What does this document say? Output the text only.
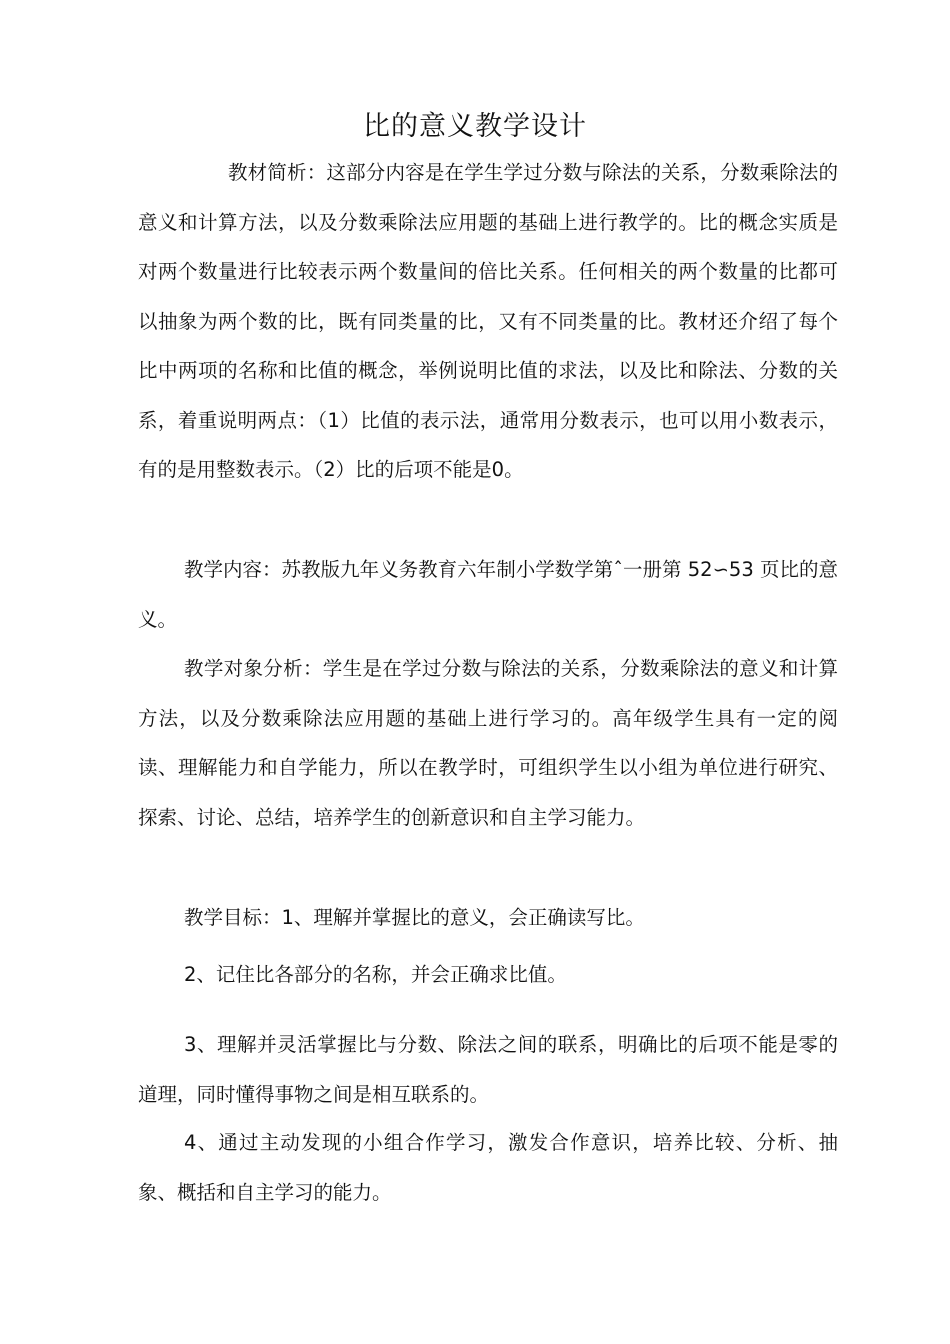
比的意义教学设计

教材简析：这部分内容是在学生学过分数与除法的关系，分数乘除法的意义和计算方法，以及分数乘除法应用题的基础上进行教学的。比的概念实质是对两个数量进行比较表示两个数量间的倍比关系。任何相关的两个数量的比都可以抽象为两个数的比，既有同类量的比，又有不同类量的比。教材还介绍了每个比中两项的名称和比值的概念，举例说明比值的求法，以及比和除法、分数的关系，着重说明两点：（1）比值的表示法，通常用分数表示，也可以用小数表示，有的是用整数表示。（2）比的后项不能是0。

教学内容：苏教版九年义务教育六年制小学数学第ˆ一册第 52∽53 页比的意义。

教学对象分析：学生是在学过分数与除法的关系，分数乘除法的意义和计算方法，以及分数乘除法应用题的基础上进行学习的。高年级学生具有一定的阅读、理解能力和自学能力，所以在教学时，可组织学生以小组为单位进行研究、探索、讨论、总结，培养学生的创新意识和自主学习能力。

教学目标：1、理解并掌握比的意义，会正确读写比。

2、记住比各部分的名称，并会正确求比值。

3、理解并灵活掌握比与分数、除法之间的联系，明确比的后项不能是零的道理，同时懂得事物之间是相互联系的。

4、通过主动发现的小组合作学习，激发合作意识，培养比较、分析、抽象、概括和自主学习的能力。
